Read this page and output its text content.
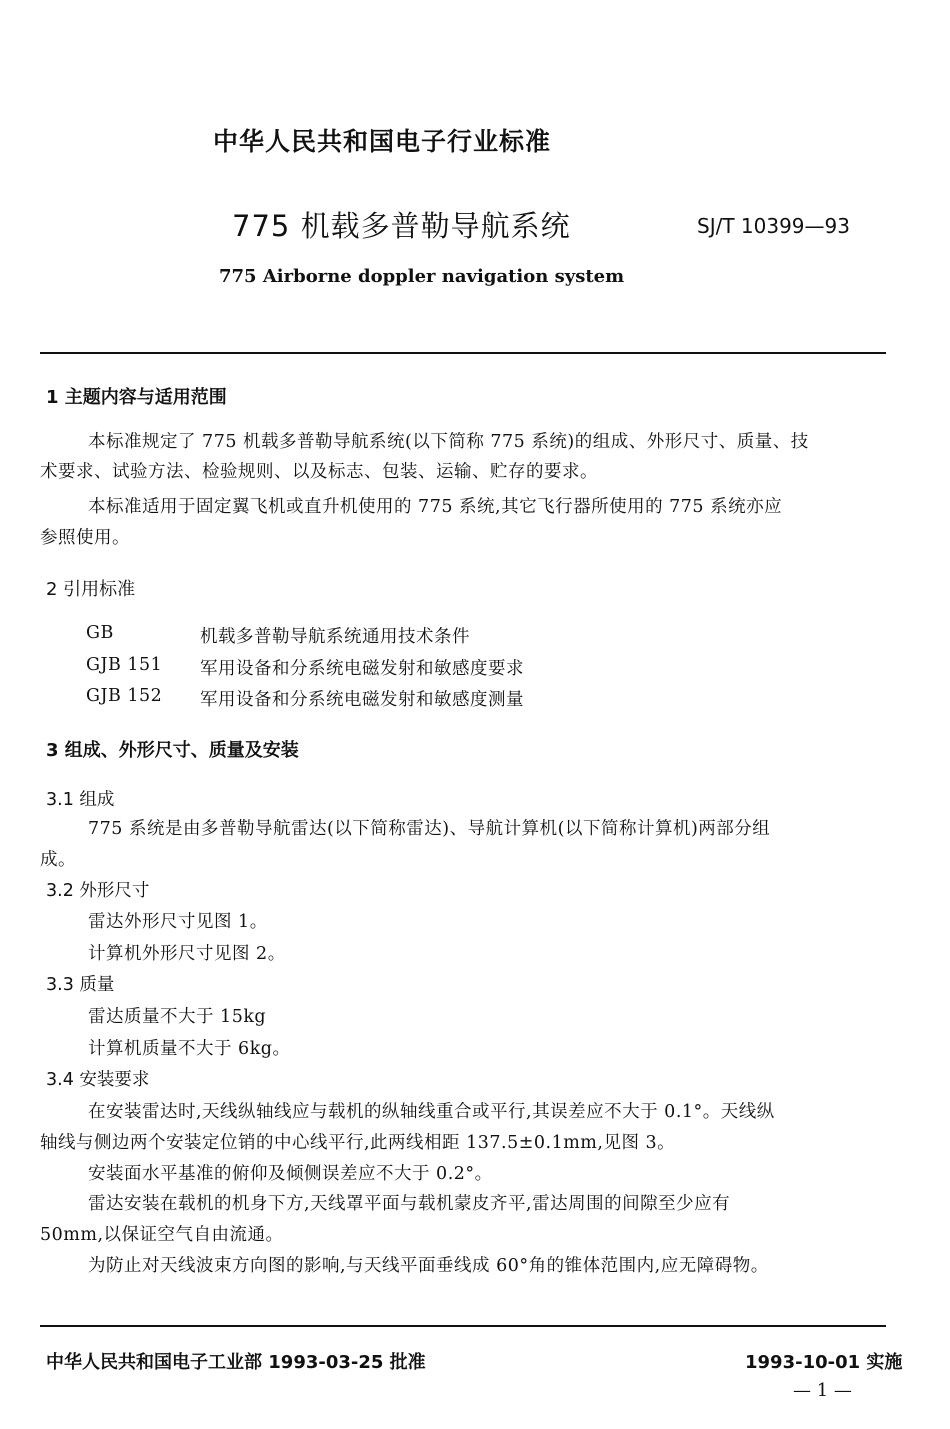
中华人民共和国电子行业标准
775 机载多普勒导航系统	SJ/T 10399—93
775 Airborne doppler navigation system
1 主题内容与适用范围
本标准规定了 775 机载多普勒导航系统(以下简称 775 系统)的组成、外形尺寸、质量、技
术要求、试验方法、检验规则、以及标志、包装、运输、贮存的要求。
本标准适用于固定翼飞机或直升机使用的 775 系统,其它飞行器所使用的 775 系统亦应
参照使用。
2 引用标准
GB	机载多普勒导航系统通用技术条件
GJB 151 军用设备和分系统电磁发射和敏感度要求
GJB 152 军用设备和分系统电磁发射和敏感度测量
3 组成、外形尺寸、质量及安装
3.1 组成
775 系统是由多普勒导航雷达(以下简称雷达)、导航计算机(以下简称计算机)两部分组
成。
3.2 外形尺寸
雷达外形尺寸见图 1。
计算机外形尺寸见图 2。
3.3 质量
雷达质量不大于 15kg
计算机质量不大于 6kg。
3.4 安装要求
在安装雷达时,天线纵轴线应与载机的纵轴线重合或平行,其误差应不大于 0.1°。天线纵
轴线与侧边两个安装定位销的中心线平行,此两线相距 137.5±0.1mm,见图 3。
安装面水平基准的俯仰及倾侧误差应不大于 0.2°。
雷达安装在载机的机身下方,天线罩平面与载机蒙皮齐平,雷达周围的间隙至少应有
50mm,以保证空气自由流通。
为防止对天线波束方向图的影响,与天线平面垂线成 60°角的锥体范围内,应无障碍物。
中华人民共和国电子工业部 1993-03-25 批准	1993-10-01 实施
— 1 —
